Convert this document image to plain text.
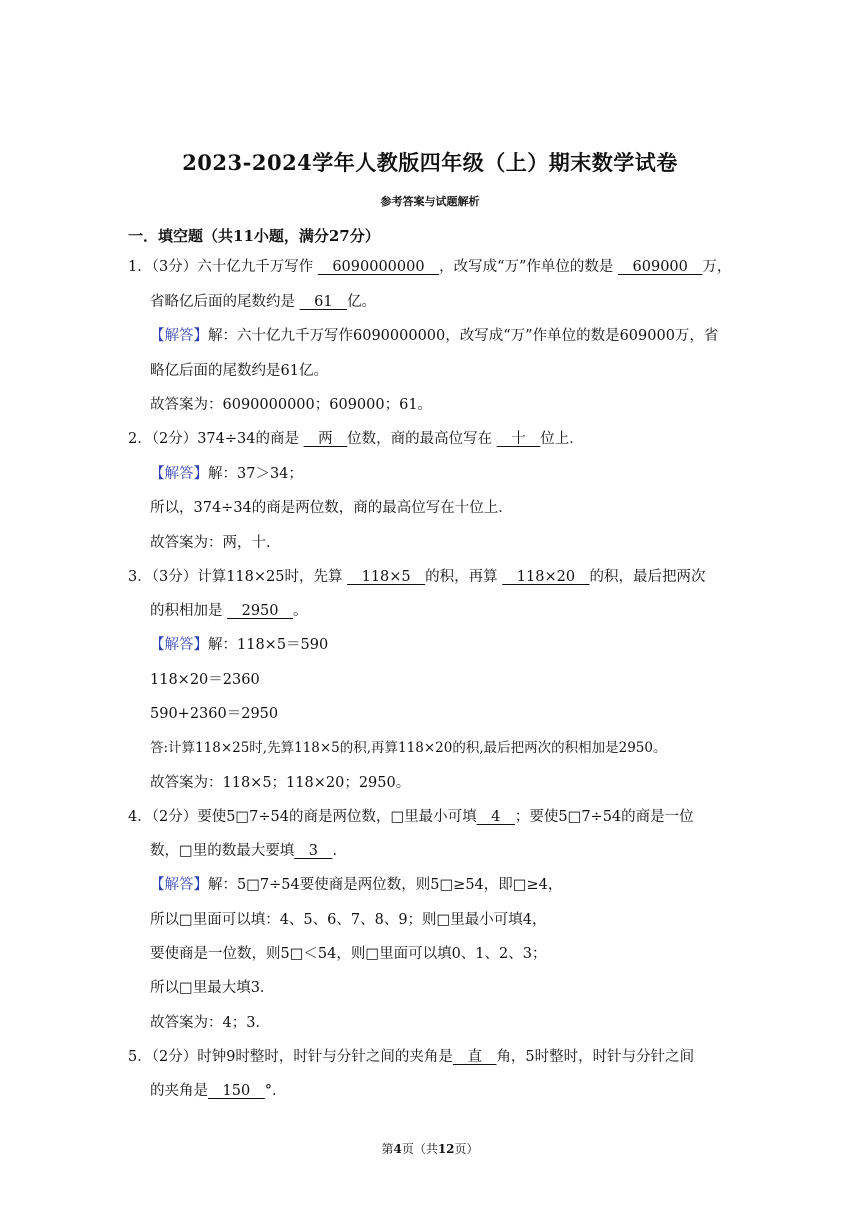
2023-2024学年人教版四年级（上）期末数学试卷
参考答案与试题解析
一．填空题（共11小题，满分27分）
1．（3分）六十亿九千万写作 __6090000000__，改写成“万”作单位的数是 __609000__万，
省略亿后面的尾数约是 __61__亿。
【解答】解：六十亿九千万写作6090000000，改写成“万”作单位的数是609000万，省
略亿后面的尾数约是61亿。
故答案为：6090000000；609000；61。
2．（2分）374÷34的商是 __两__位数，商的最高位写在 __十__位上．
【解答】解：37＞34；
所以，374÷34的商是两位数，商的最高位写在十位上．
故答案为：两，十．
3．（3分）计算118×25时，先算 __118×5__的积，再算 __118×20__的积，最后把两次
的积相加是 __2950__。
【解答】解：118×5＝590
118×20＝2360
590+2360＝2950
答:计算118×25时,先算118×5的积,再算118×20的积,最后把两次的积相加是2950。
故答案为：118×5；118×20；2950。
4．（2分）要使5□7÷54的商是两位数，□里最小可填__4__；要使5□7÷54的商是一位
数，□里的数最大要填__3__．
【解答】解：5□7÷54要使商是两位数，则5□≥54，即□≥4，
所以□里面可以填：4、5、6、7、8、9；则□里最小可填4，
要使商是一位数，则5□＜54，则□里面可以填0、1、2、3；
所以□里最大填3．
故答案为：4；3．
5．（2分）时钟9时整时，时针与分针之间的夹角是__直__角，5时整时，时针与分针之间
的夹角是__150__°．
第4页（共12页）
